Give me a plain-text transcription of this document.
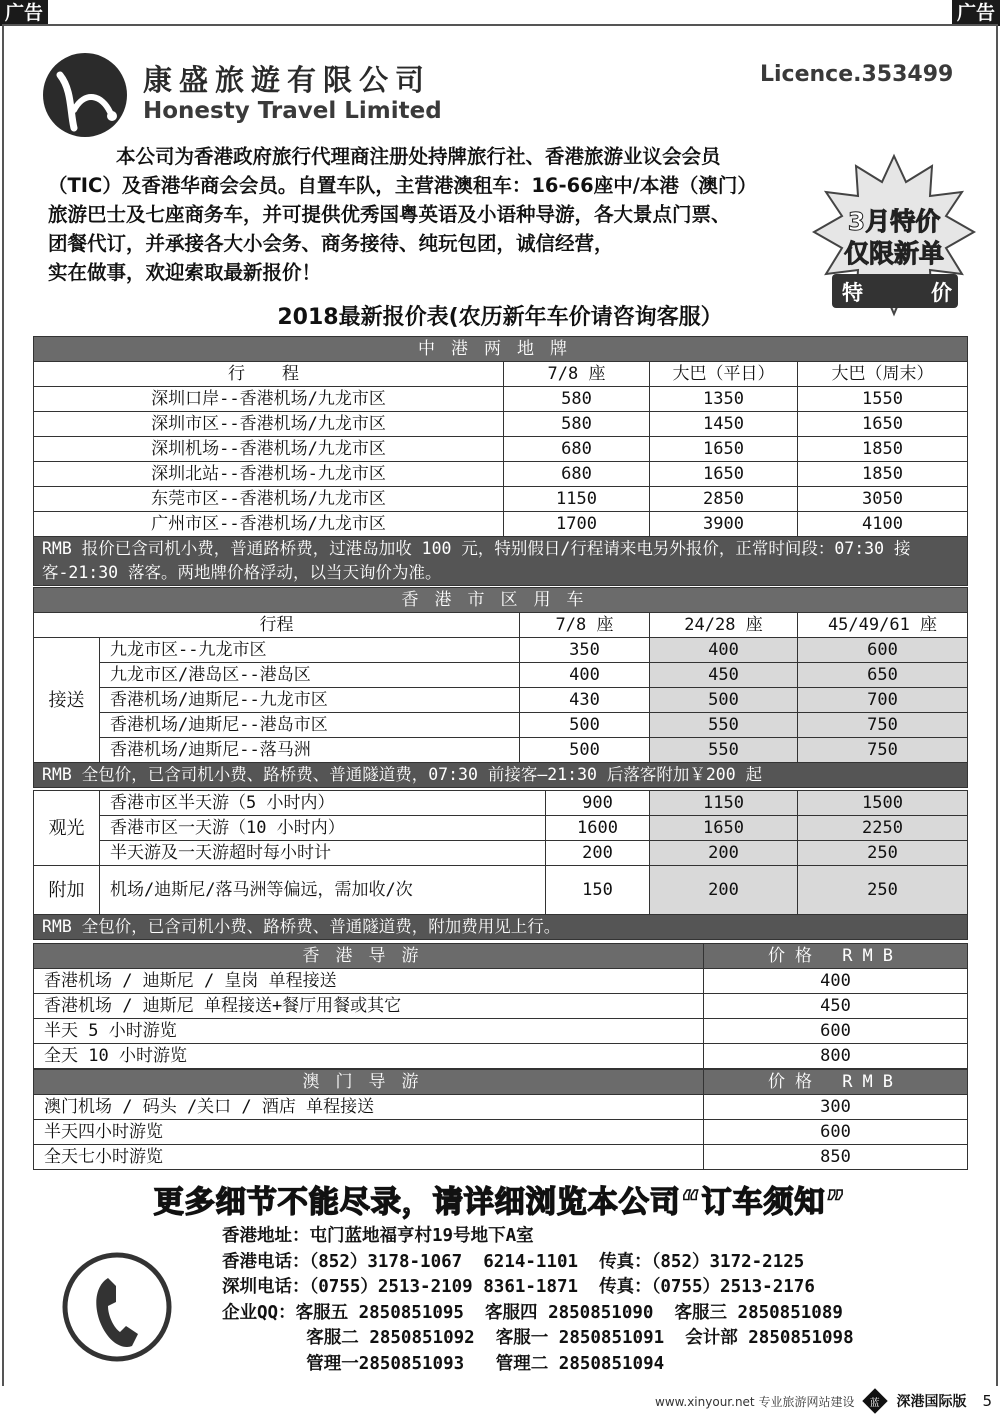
广告	广告
康盛旅遊有限公司
Honesty Travel Limited
Licence.353499

本公司为香港政府旅行代理商注册处持牌旅行社、香港旅游业议会会员

（TIC）及香港华商会会员。自置车队，主营港澳租车：16-66座中/本港（澳门）

旅游巴士及七座商务车，并可提供优秀国粤英语及小语种导游，各大景点门票、

团餐代订，并承接各大小会务、商务接待、纯玩包团，诚信经营，

实在做事，欢迎索取最新报价！

3月特价
仅限新单
特	价
2018最新报价表(农历新年车价请咨询客服）
中港两地牌			
行　程	7/8 座	大巴（平日）	大巴（周末）
深圳口岸--香港机场/九龙市区	580	1350	1550
深圳市区--香港机场/九龙市区	580	1450	1650
深圳机场--香港机场/九龙市区	680	1650	1850
深圳北站--香港机场-九龙市区	680	1650	1850
东莞市区--香港机场/九龙市区	1150	2850	3050
广州市区--香港机场/九龙市区	1700	3900	4100
RMB 报价已含司机小费，普通路桥费，过港岛加收 100 元，特别假日/行程请来电另外报价，正常时间段：07:30 接客-21:30 落客。两地牌价格浮动，以当天询价为准。			
香港市区用车				
行程		7/8 座	24/28 座	45/49/61 座
接送	九龙市区--九龙市区	350	400	600
	九龙市区/港岛区--港岛区	400	450	650
	香港机场/迪斯尼--九龙市区	430	500	700
	香港机场/迪斯尼--港岛市区	500	550	750
	香港机场/迪斯尼--落马洲	500	550	750
RMB 全包价，已含司机小费、路桥费、普通隧道费，07:30 前接客—21:30 后落客附加￥200 起				
观光	香港市区半天游（5 小时内）	900	1150	1500
	香港市区一天游（10 小时内）	1600	1650	2250
	半天游及一天游超时每小时计	200	200	250
附加	机场/迪斯尼/落马洲等偏远，需加收/次	150	200	250
RMB 全包价，已含司机小费、路桥费、普通隧道费，附加费用见上行。				
香港导游	价格 RMB
香港机场 / 迪斯尼 / 皇岗 单程接送	400
香港机场 / 迪斯尼 单程接送+餐厅用餐或其它	450
半天 5 小时游览	600
全天 10 小时游览	800
澳门导游	价格 RMB
澳门机场 / 码头 /关口 / 酒店 单程接送	300
半天四小时游览	600
全天七小时游览	850
更多细节不能尽录，请详细浏览本公司“订车须知”
香港地址：屯门蓝地福亨村19号地下A室
香港电话：（852）3178-1067  6214-1101  传真：（852）3172-2125
深圳电话：（0755）2513-2109 8361-1871  传真：（0755）2513-2176
企业QQ：客服五 2850851095  客服四 2850851090  客服三 2850851089
客服二 2850851092  客服一 2850851091  会计部 2850851098
管理一2850851093   管理二 2850851094
www.xinyour.net 专业旅游网站建设 蓝 深港国际版 5
